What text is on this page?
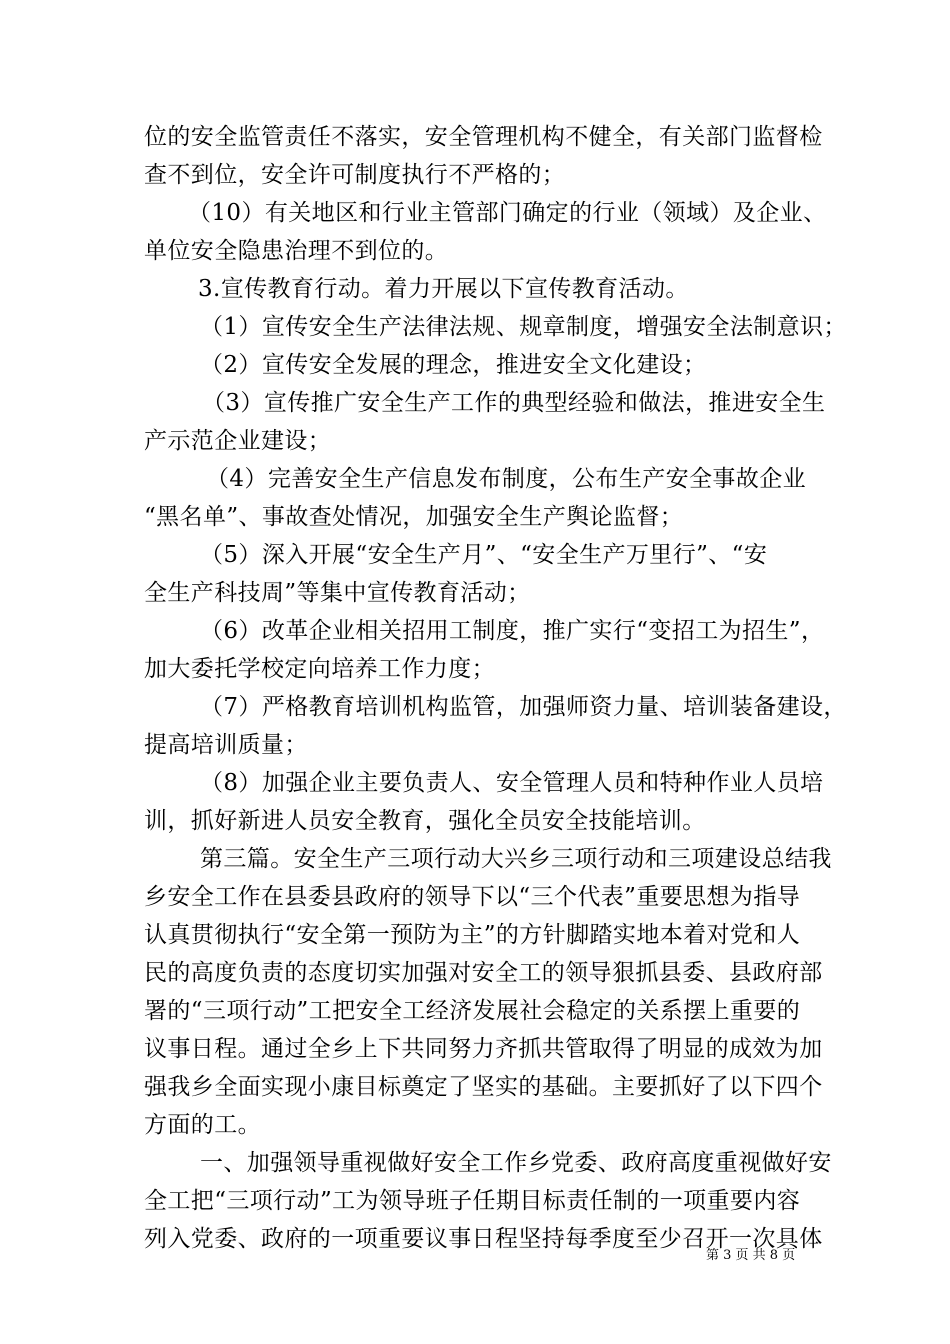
位的安全监管责任不落实，安全管理机构不健全，有关部门监督检
查不到位，安全许可制度执行不严格的；
（10）有关地区和行业主管部门确定的行业（领域）及企业、
单位安全隐患治理不到位的。
3.宣传教育行动。着力开展以下宣传教育活动。
（1）宣传安全生产法律法规、规章制度，增强安全法制意识；
（2）宣传安全发展的理念，推进安全文化建设；
（3）宣传推广安全生产工作的典型经验和做法，推进安全生
产示范企业建设；
（4）完善安全生产信息发布制度，公布生产安全事故企业
“黑名单”、事故查处情况，加强安全生产舆论监督；
（5）深入开展“安全生产月”、“安全生产万里行”、“安
全生产科技周”等集中宣传教育活动；
（6）改革企业相关招用工制度，推广实行“变招工为招生”，
加大委托学校定向培养工作力度；
（7）严格教育培训机构监管，加强师资力量、培训装备建设，
提高培训质量；
（8）加强企业主要负责人、安全管理人员和特种作业人员培
训，抓好新进人员安全教育，强化全员安全技能培训。
第三篇。安全生产三项行动大兴乡三项行动和三项建设总结我
乡安全工作在县委县政府的领导下以“三个代表”重要思想为指导
认真贯彻执行“安全第一预防为主”的方针脚踏实地本着对党和人
民的高度负责的态度切实加强对安全工的领导狠抓县委、县政府部
署的“三项行动”工把安全工经济发展社会稳定的关系摆上重要的
议事日程。通过全乡上下共同努力齐抓共管取得了明显的成效为加
强我乡全面实现小康目标奠定了坚实的基础。主要抓好了以下四个
方面的工。
一、加强领导重视做好安全工作乡党委、政府高度重视做好安
全工把“三项行动”工为领导班子任期目标责任制的一项重要内容
列入党委、政府的一项重要议事日程坚持每季度至少召开一次具体
第 3 页 共 8 页
